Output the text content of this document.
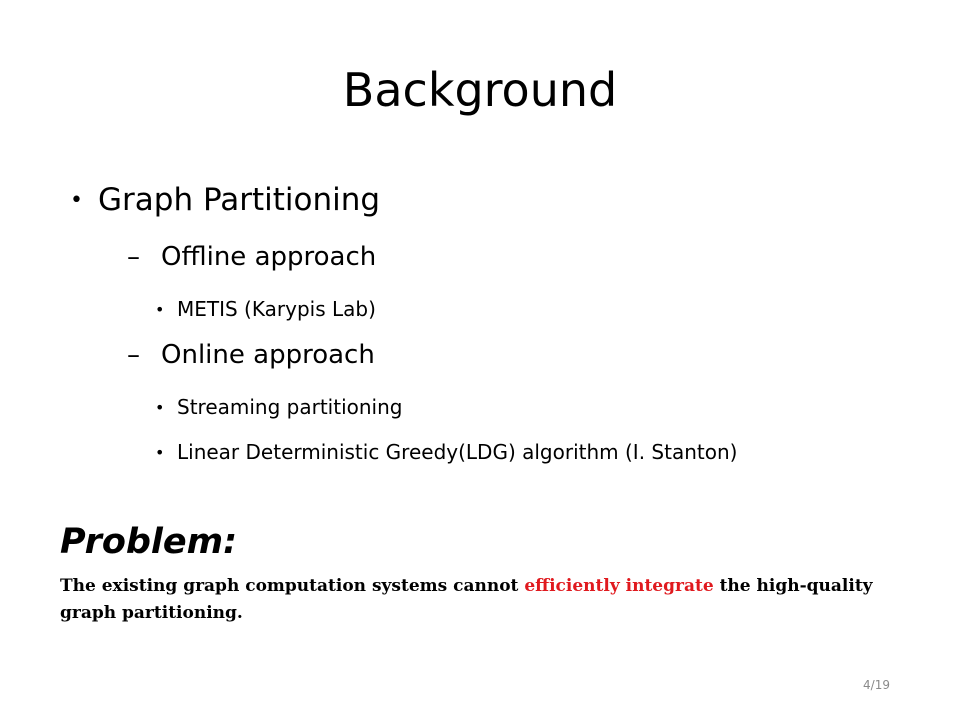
Background
• Graph Partitioning
– Offline approach
• METIS (Karypis Lab)
– Online approach
• Streaming partitioning
• Linear Deterministic Greedy(LDG) algorithm (I. Stanton)
Problem:
The existing graph computation systems cannot efficiently integrate the high-quality graph partitioning.
4/19
